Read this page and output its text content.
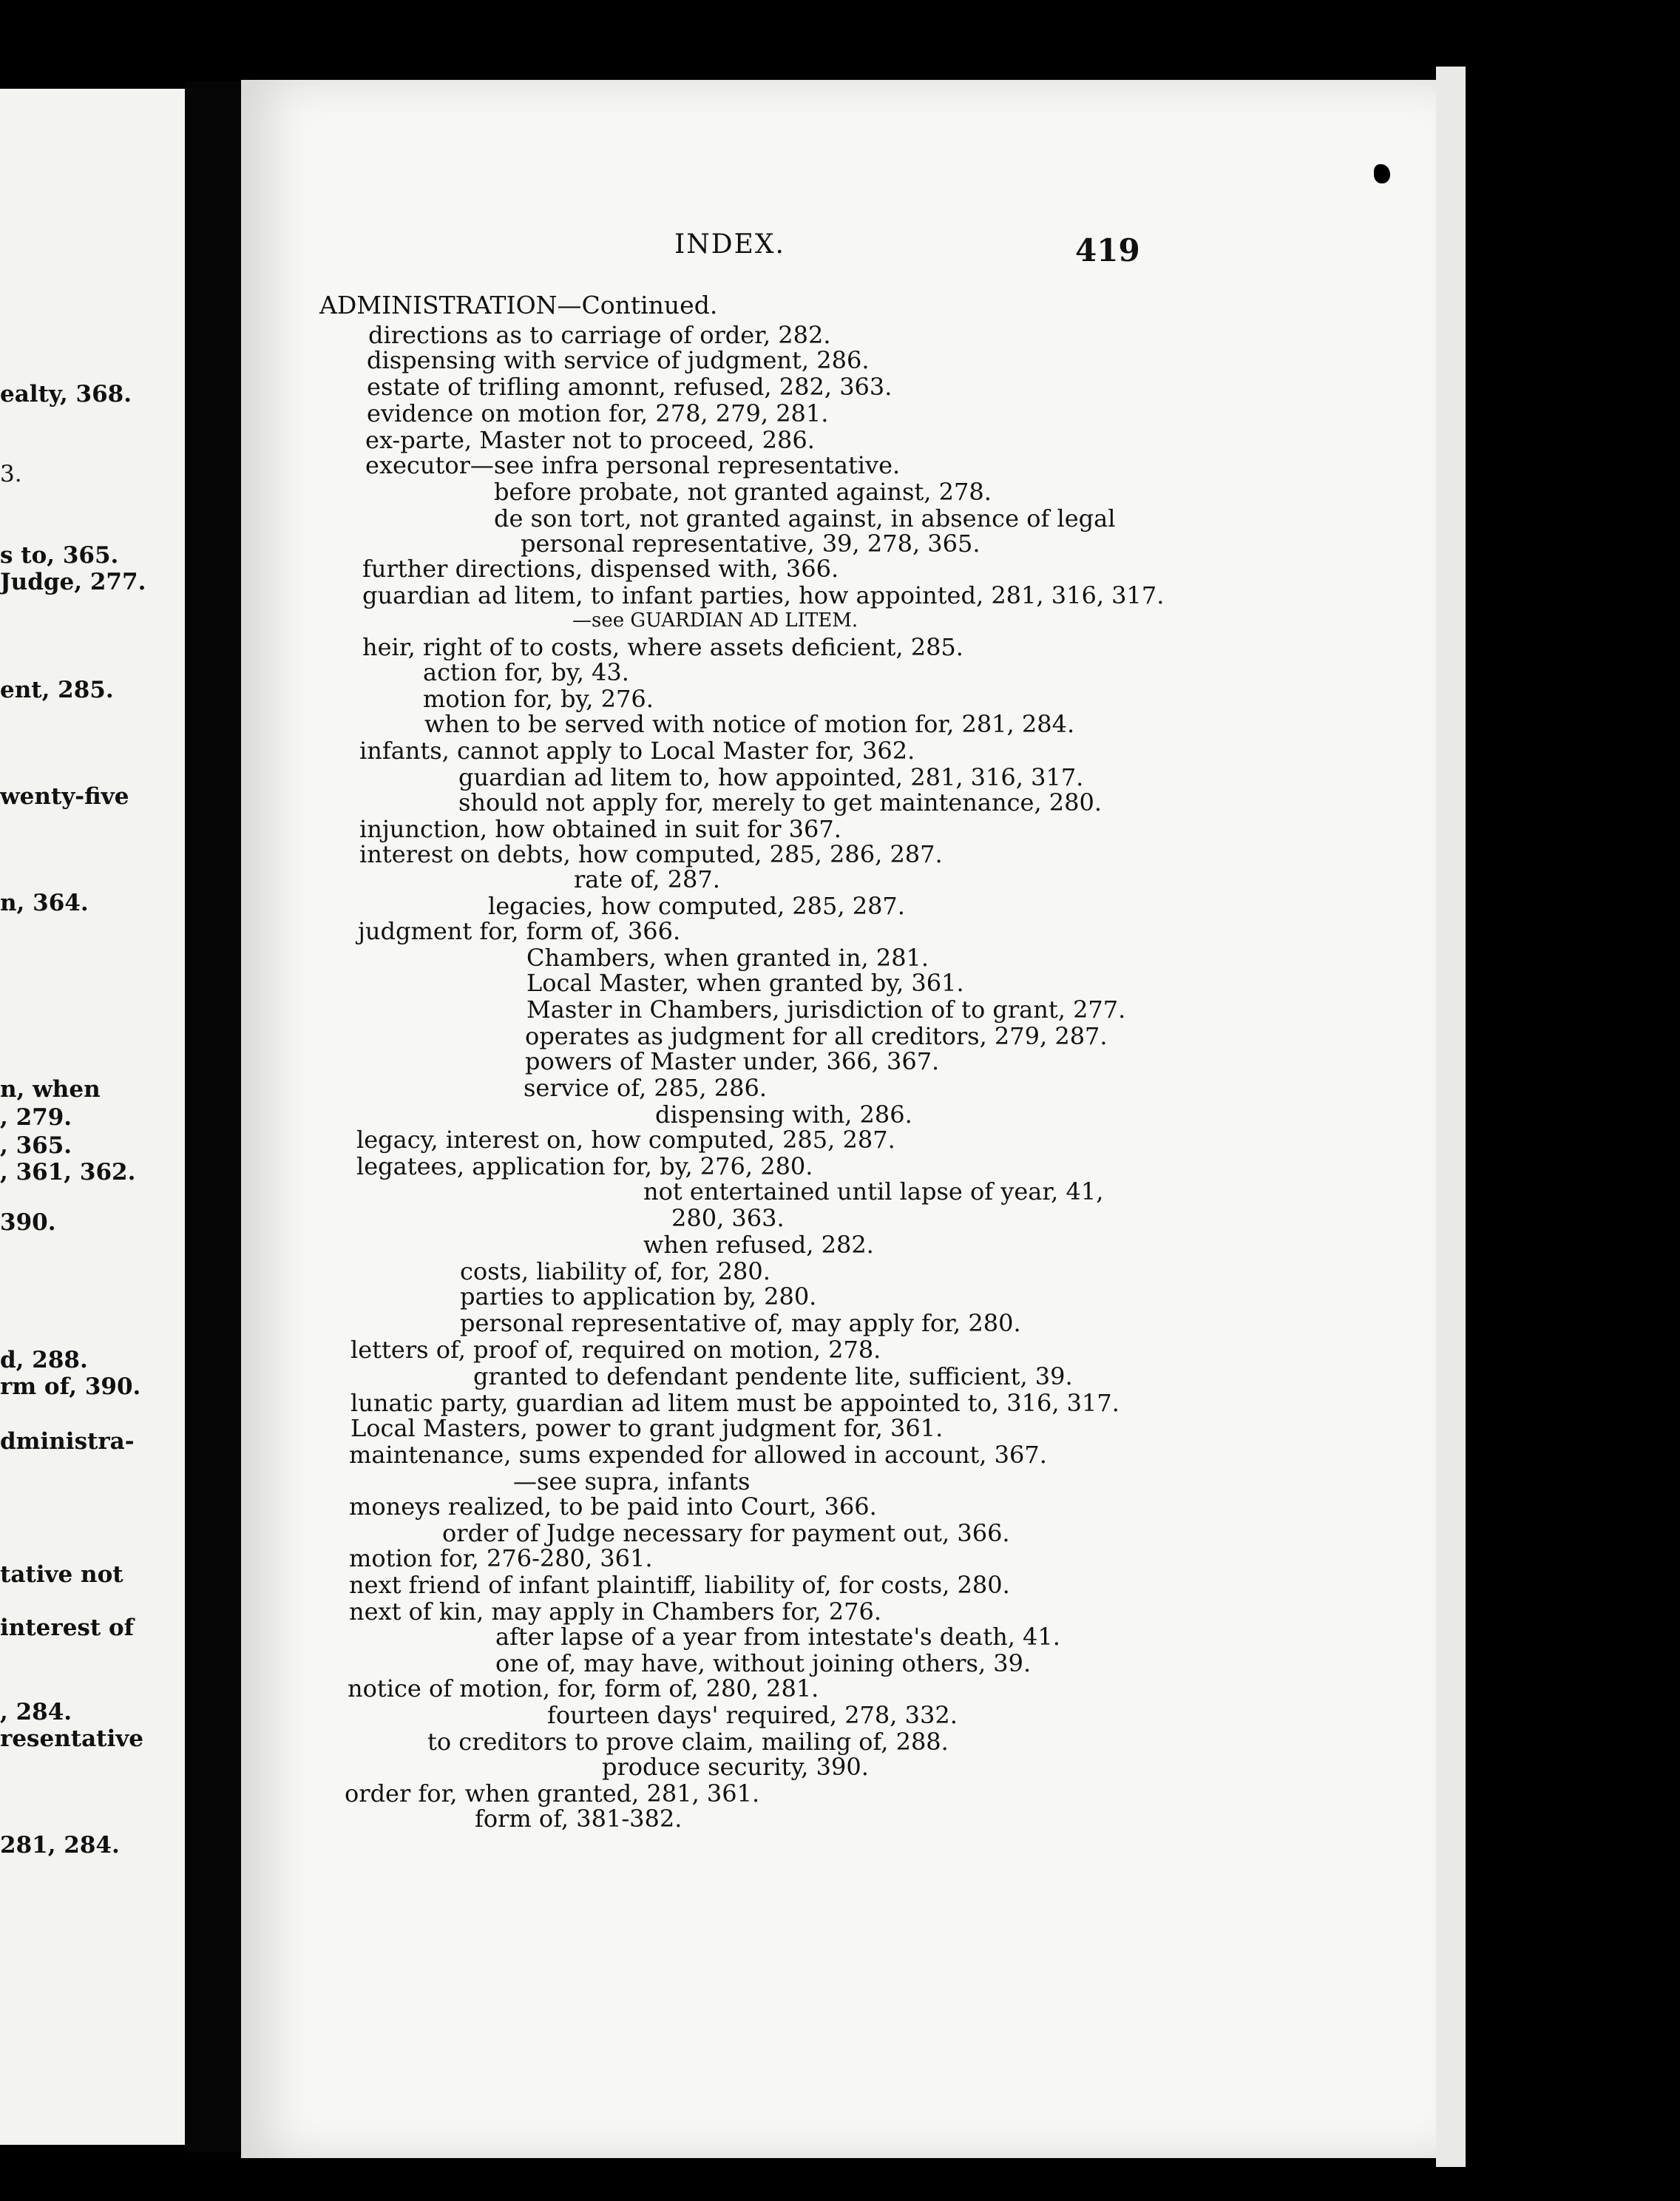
INDEX.	419
ealty, 368.
3.
s to, 365.
Judge, 277.
ent, 285.
wenty-five
n, 364.
n, when
, 279.
, 365.
, 361, 362.
390.
d, 288.
rm of, 390.
dministra-
tative not
interest of
, 284.
resentative
281, 284.
ADMINISTRATION—Continued.
directions as to carriage of order, 282.
dispensing with service of judgment, 286.
estate of trifling amonnt, refused, 282, 363.
evidence on motion for, 278, 279, 281.
ex-parte, Master not to proceed, 286.
executor—see infra personal representative.
before probate, not granted against, 278.
de son tort, not granted against, in absence of legal
personal representative, 39, 278, 365.
further directions, dispensed with, 366.
guardian ad litem, to infant parties, how appointed, 281, 316, 317.
—see GUARDIAN AD LITEM.
heir, right of to costs, where assets deficient, 285.
action for, by, 43.
motion for, by, 276.
when to be served with notice of motion for, 281, 284.
infants, cannot apply to Local Master for, 362.
guardian ad litem to, how appointed, 281, 316, 317.
should not apply for, merely to get maintenance, 280.
injunction, how obtained in suit for 367.
interest on debts, how computed, 285, 286, 287.
rate of, 287.
legacies, how computed, 285, 287.
judgment for, form of, 366.
Chambers, when granted in, 281.
Local Master, when granted by, 361.
Master in Chambers, jurisdiction of to grant, 277.
operates as judgment for all creditors, 279, 287.
powers of Master under, 366, 367.
service of, 285, 286.
dispensing with, 286.
legacy, interest on, how computed, 285, 287.
legatees, application for, by, 276, 280.
not entertained until lapse of year, 41,
280, 363.
when refused, 282.
costs, liability of, for, 280.
parties to application by, 280.
personal representative of, may apply for, 280.
letters of, proof of, required on motion, 278.
granted to defendant pendente lite, sufficient, 39.
lunatic party, guardian ad litem must be appointed to, 316, 317.
Local Masters, power to grant judgment for, 361.
maintenance, sums expended for allowed in account, 367.
—see supra, infants
moneys realized, to be paid into Court, 366.
order of Judge necessary for payment out, 366.
motion for, 276-280, 361.
next friend of infant plaintiff, liability of, for costs, 280.
next of kin, may apply in Chambers for, 276.
after lapse of a year from intestate's death, 41.
one of, may have, without joining others, 39.
notice of motion, for, form of, 280, 281.
fourteen days' required, 278, 332.
to creditors to prove claim, mailing of, 288.
produce security, 390.
order for, when granted, 281, 361.
form of, 381-382.
